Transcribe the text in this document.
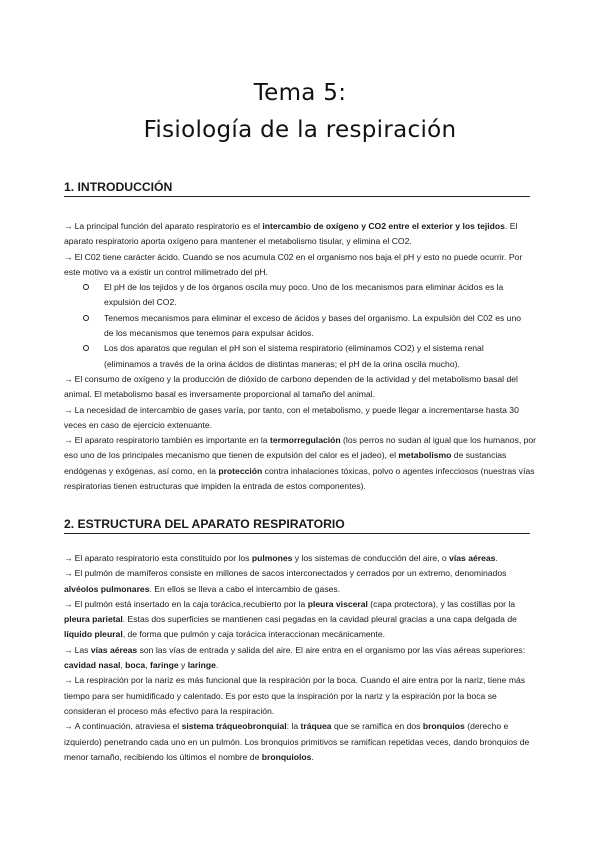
Tema 5:
Fisiología de la respiración
1. INTRODUCCIÓN

→ La principal función del aparato respiratorio es el intercambio de oxígeno y CO2 entre el exterior y los tejidos. El aparato respiratorio aporta oxígeno para mantener el metabolismo tisular, y elimina el CO2.

→ El C02 tiene carácter ácido. Cuando se nos acumula C02 en el organismo nos baja el pH y esto no puede ocurrir. Por este motivo va a existir un control milimetrado del pH.

El pH de los tejidos y de los órganos oscila muy poco. Uno de los mecanismos para eliminar ácidos es la expulsión del CO2.
Tenemos mecanismos para eliminar el exceso de ácidos y bases del organismo. La expulsión del C02 es uno de los mecanismos que tenemos para expulsar ácidos.
Los dos aparatos que regulan el pH son el sistema respiratorio (eliminamos CO2) y el sistema renal (eliminamos a través de la orina ácidos de distintas maneras; el pH de la orina oscila mucho).

→ El consumo de oxígeno y la producción de dióxido de carbono dependen de la actividad y del metabolismo basal del animal. El metabolismo basal es inversamente proporcional al tamaño del animal.

→ La necesidad de intercambio de gases varía, por tanto, con el metabolismo, y puede llegar a incrementarse hasta 30 veces en caso de ejercicio extenuante.

→ El aparato respiratorio también es importante en la termorregulación (los perros no sudan al igual que los humanos, por eso uno de los principales mecanismo que tienen de expulsión del calor es el jadeo), el metabolismo de sustancias endógenas y exógenas, así como, en la protección contra inhalaciones tóxicas, polvo o agentes infecciosos (nuestras vías respiratorias tienen estructuras que impiden la entrada de estos componentes).

2. ESTRUCTURA DEL APARATO RESPIRATORIO

→ El aparato respiratorio esta constituido por los pulmones y los sistemas de conducción del aire, o vías aéreas.

→ El pulmón de mamíferos consiste en millones de sacos interconectados y cerrados por un extremo, denominados alvéolos pulmonares. En ellos se lleva a cabo el intercambio de gases.

→ El pulmón está insertado en la caja torácica,recubierto por la pleura visceral (capa protectora), y las costillas por la pleura parietal. Estas dos superficies se mantienen casi pegadas en la cavidad pleural gracias a una capa delgada de líquido pleural, de forma que pulmón y caja torácica interaccionan mecánicamente.

→ Las vías aéreas son las vías de entrada y salida del aire. El aire entra en el organismo por las vías aéreas superiores: cavidad nasal, boca, faringe y laringe.

→ La respiración por la nariz es más funcional que la respiración por la boca. Cuando el aire entra por la nariz, tiene más tiempo para ser humidificado y calentado. Es por esto que la inspiración por la nariz y la espiración por la boca se consideran el proceso más efectivo para la respiración.

→ A continuación, atraviesa el sistema tráqueobronquial: la tráquea que se ramifica en dos bronquios (derecho e izquierdo) penetrando cada uno en un pulmón. Los bronquios primitivos se ramifican repetidas veces, dando bronquios de menor tamaño, recibiendo los últimos el nombre de bronquiolos.
